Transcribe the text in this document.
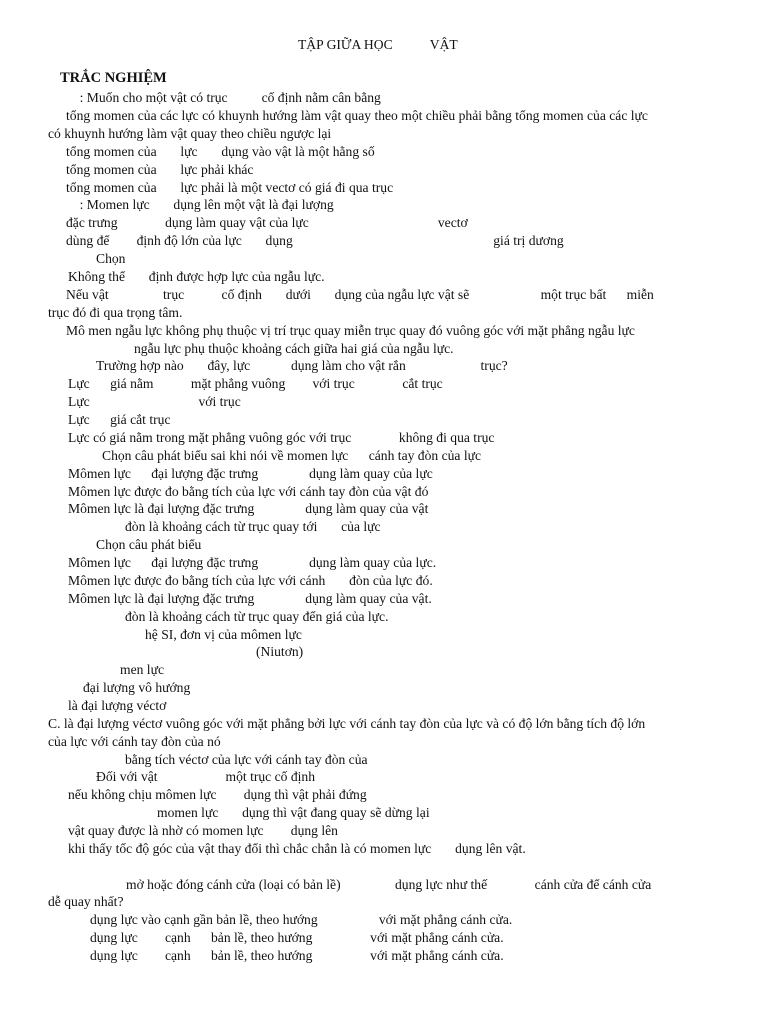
TẬP GIỮA HỌC           VẬT
TRẮC NGHIỆM
: Muốn cho một vật có trục          cố định nằm cân bằng
tổng momen của các lực có khuynh hướng làm vật quay theo một chiều phải bằng tổng momen của các lực
có khuynh hướng làm vật quay theo chiều ngược lại
tổng momen của       lực       dụng vào vật là một hằng số
tổng momen của       lực phải khác
tổng momen của       lực phải là một vectơ có giá đi qua trục
: Momen lực       dụng lên một vật là đại lượng
đặc trưng              dụng làm quay vật của lực                                      vectơ
dùng để        định độ lớn của lực       dụng                                                           giá trị dương
Chọn
Không thể       định được hợp lực của ngẫu lực.
Nếu vật                trục           cố định       dưới       dụng của ngẫu lực vật sẽ                     một trục bất      miễn
trục đó đi qua trọng tâm.
Mô men ngẫu lực không phụ thuộc vị trí trục quay miễn trục quay đó vuông góc với mặt phẳng ngẫu lực
ngẫu lực phụ thuộc khoảng cách giữa hai giá của ngẫu lực.
Trường hợp nào       đây, lực            dụng làm cho vật rắn                      trục?
Lực      giá nằm           mặt phẳng vuông        với trục              cắt trục
Lực                                với trục
Lực      giá cắt trục
Lực có giá nằm trong mặt phẳng vuông góc với trục              không đi qua trục
Chọn câu phát biểu sai khi nói về momen lực      cánh tay đòn của lực
Mômen lực      đại lượng đặc trưng               dụng làm quay của lực
Mômen lực được đo bằng tích của lực với cánh tay đòn của vật đó
Mômen lực là đại lượng đặc trưng               dụng làm quay của vật
đòn là khoảng cách từ trục quay tới       của lực
Chọn câu phát biểu
Mômen lực      đại lượng đặc trưng               dụng làm quay của lực.
Mômen lực được đo bằng tích của lực với cánh       đòn của lực đó.
Mômen lực là đại lượng đặc trưng               dụng làm quay của vật.
đòn là khoảng cách từ trục quay đến giá của lực.
hệ SI, đơn vị của mômen lực
(Niutơn)
men lực
đại lượng vô hướng
là đại lượng véctơ
C. là đại lượng véctơ vuông góc với mặt phẳng bởi lực với cánh tay đòn của lực và có độ lớn bằng tích độ lớn
của lực với cánh tay đòn của nó
bằng tích véctơ của lực với cánh tay đòn của
Đối với vật                    một trục cố định
nếu không chịu mômen lực        dụng thì vật phải đứng
momen lực       dụng thì vật đang quay sẽ dừng lại
vật quay được là nhờ có momen lực        dụng lên
khi thấy tốc độ góc của vật thay đổi thì chắc chắn là có momen lực       dụng lên vật.
mở hoặc đóng cánh cửa (loại có bản lề)                dụng lực như thế              cánh cửa để cánh cửa
dễ quay nhất?
dụng lực vào cạnh gần bản lề, theo hướng                  với mặt phẳng cánh cửa.
dụng lực        cạnh      bản lề, theo hướng                 với mặt phẳng cánh cửa.
dụng lực        cạnh      bản lề, theo hướng                 với mặt phẳng cánh cửa.
